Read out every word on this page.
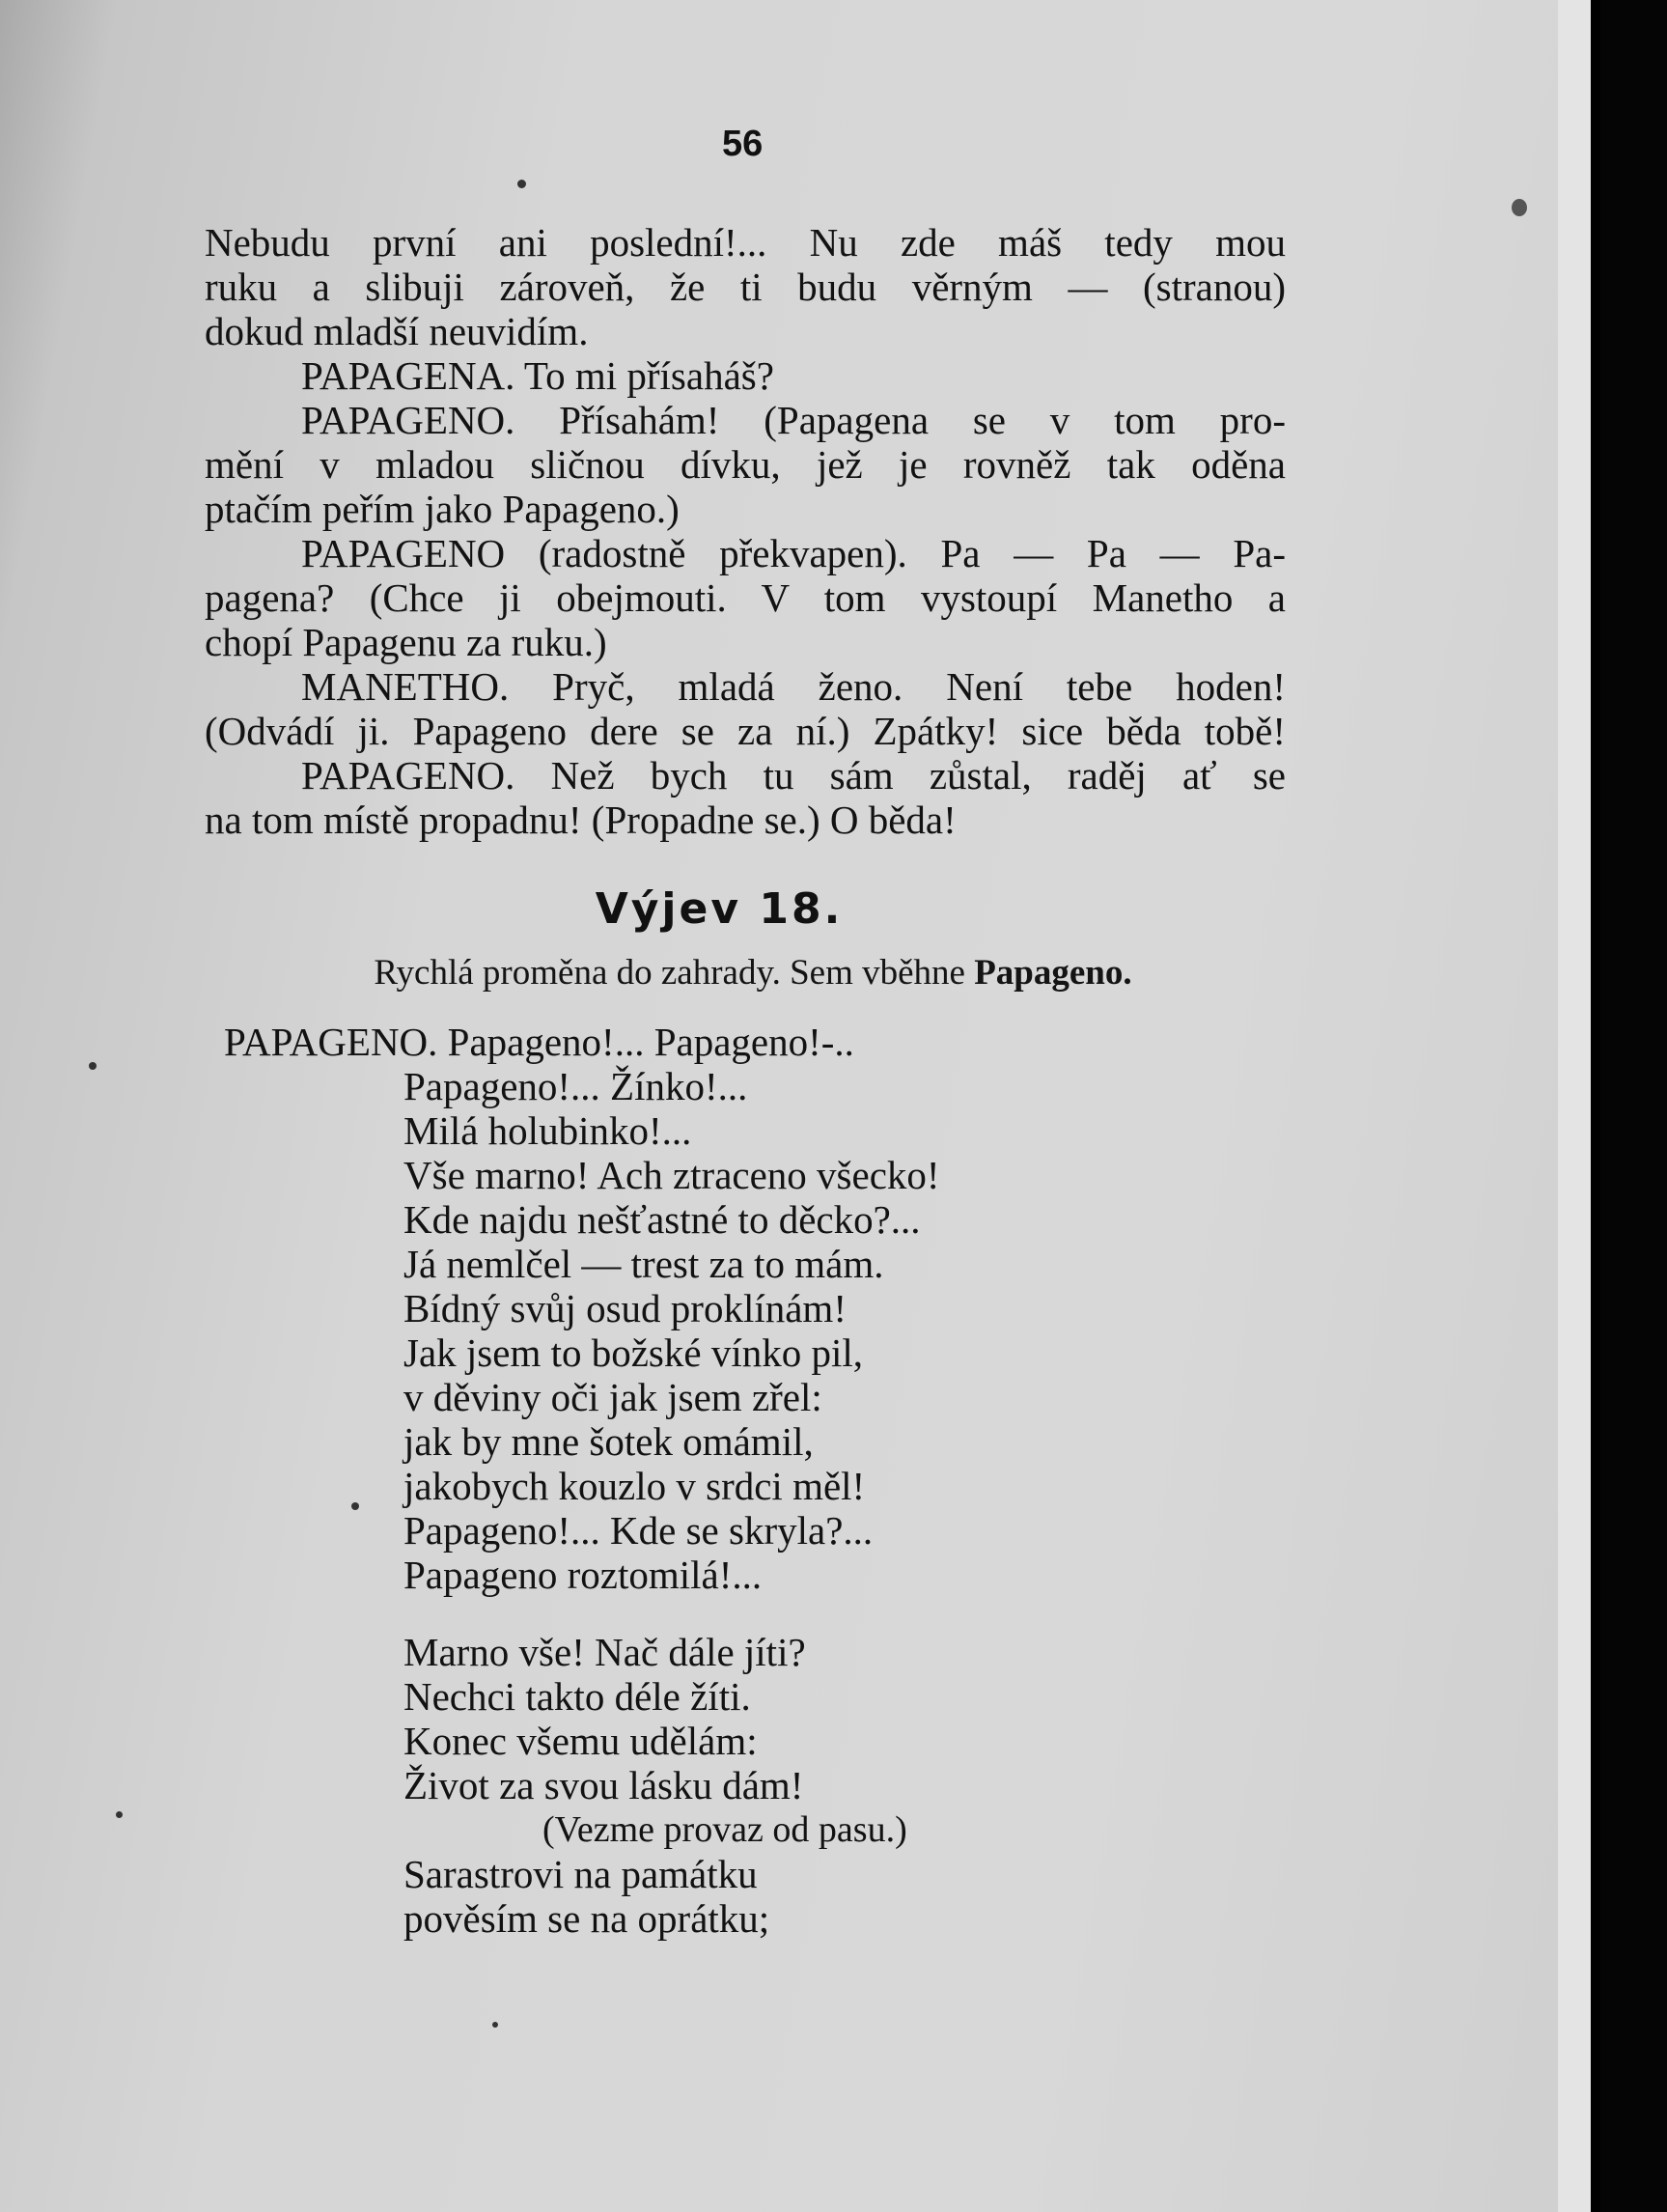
56
Nebudu první ani poslední!... Nu zde máš tedy mou
ruku a slibuji zároveň, že ti budu věrným — (stranou)
dokud mladší neuvidím.
PAPAGENA. To mi přísaháš?
PAPAGENO. Přísahám! (Papagena se v tom pro-
mění v mladou sličnou dívku, jež je rovněž tak oděna
ptačím peřím jako Papageno.)
PAPAGENO (radostně překvapen). Pa — Pa — Pa-
pagena? (Chce ji obejmouti. V tom vystoupí Manetho a
chopí Papagenu za ruku.)
MANETHO. Pryč, mladá ženo. Není tebe hoden!
(Odvádí ji. Papageno dere se za ní.) Zpátky! sice běda tobě!
PAPAGENO. Než bych tu sám zůstal, raděj ať se
na tom místě propadnu! (Propadne se.) O běda!
Výjev 18.
Rychlá proměna do zahrady. Sem vběhne Papageno.
PAPAGENO. Papageno!... Papageno!-..
Papageno!... Žínko!...
Milá holubinko!...
Vše marno! Ach ztraceno všecko!
Kde najdu nešťastné to děcko?...
Já nemlčel — trest za to mám.
Bídný svůj osud proklínám!
Jak jsem to božské vínko pil,
v děviny oči jak jsem zřel:
jak by mne šotek omámil,
jakobych kouzlo v srdci měl!
Papageno!... Kde se skryla?...
Papageno roztomilá!...
Marno vše! Nač dále jíti?
Nechci takto déle žíti.
Konec všemu udělám:
Život za svou lásku dám!
(Vezme provaz od pasu.)
Sarastrovi na památku
pověsím se na oprátku;
